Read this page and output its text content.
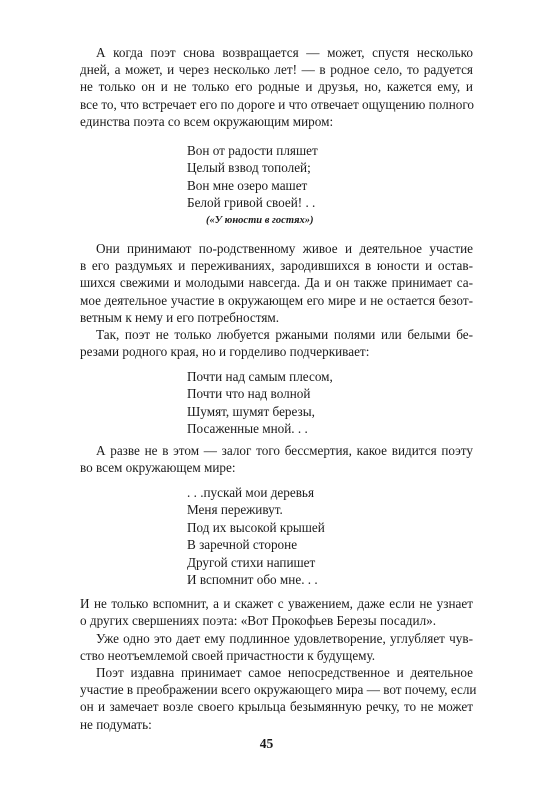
А когда поэт снова возвращается — может, спустя несколько
дней, а может, и через несколько лет! — в родное село, то радуется
не только он и не только его родные и друзья, но, кажется ему, и
все то, что встречает его по дороге и что отвечает ощущению полного
единства поэта со всем окружающим миром:
Вон от радости пляшет
Целый взвод тополей;
Вон мне озеро машет
Белой гривой своей! . .
(«У юности в гостях»)
Они принимают по-родственному живое и деятельное участие
в его раздумьях и переживаниях, зародившихся в юности и остав-
шихся свежими и молодыми навсегда. Да и он также принимает са-
мое деятельное участие в окружающем его мире и не остается безот-
ветным к нему и его потребностям.
Так, поэт не только любуется ржаными полями или белыми бе-
резами родного края, но и горделиво подчеркивает:
Почти над самым плесом,
Почти что над волной
Шумят, шумят березы,
Посаженные мной. . .
А разве не в этом — залог того бессмертия, какое видится поэту
во всем окружающем мире:
. . .пускай мои деревья
Меня переживут.
Под их высокой крышей
В заречной стороне
Другой стихи напишет
И вспомнит обо мне. . .
И не только вспомнит, а и скажет с уважением, даже если не узнает
о других свершениях поэта: «Вот Прокофьев Березы посадил».
Уже одно это дает ему подлинное удовлетворение, углубляет чув-
ство неотъемлемой своей причастности к будущему.
Поэт издавна принимает самое непосредственное и деятельное
участие в преображении всего окружающего мира — вот почему, если
он и замечает возле своего крыльца безымянную речку, то не может
не подумать:
45
